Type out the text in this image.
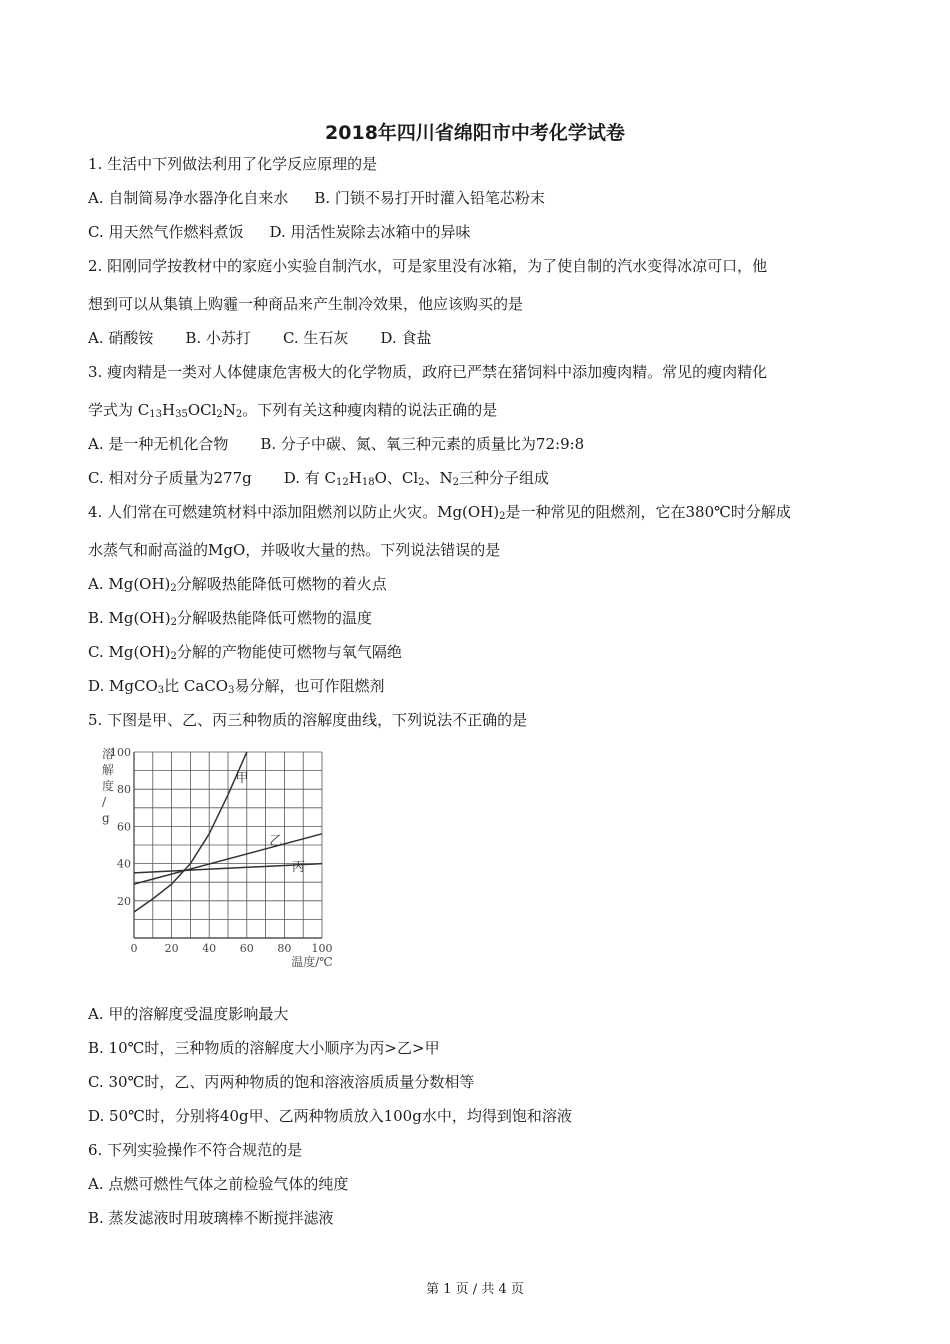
2018年四川省绵阳市中考化学试卷
1. 生活中下列做法利用了化学反应原理的是
A. 自制简易净水器净化自来水 B. 门锁不易打开时灌入铅笔芯粉末
C. 用天然气作燃料煮饭 D. 用活性炭除去冰箱中的异味
2. 阳刚同学按教材中的家庭小实验自制汽水，可是家里没有冰箱，为了使自制的汽水变得冰凉可口，他
想到可以从集镇上购霾一种商品来产生制冷效果，他应该购买的是
A. 硝酸铵 B. 小苏打 C. 生石灰 D. 食盐
3. 瘦肉精是一类对人体健康危害极大的化学物质，政府已严禁在猪饲料中添加瘦肉精。常见的瘦肉精化
学式为 $C_{13}H_{35}OCl_2N_2$。下列有关这种瘦肉精的说法正确的是
A. 是一种无机化合物 B. 分子中碳、氮、氧三种元素的质量比为72:9:8
C. 相对分子质量为277g D. 有 $C_{12}H_{18}O$、$Cl_2$、$N_2$三种分子组成
4. 人们常在可燃建筑材料中添加阻燃剂以防止火灾。$Mg(OH)_2$是一种常见的阻燃剂，它在380℃时分解成
水蒸气和耐高溢的MgO，并吸收大量的热。下列说法错误的是
A. $Mg(OH)_2$分解吸热能降低可燃物的着火点
B. $Mg(OH)_2$分解吸热能降低可燃物的温度
C. $Mg(OH)_2$分解的产物能使可燃物与氧气隔绝
D. MgCO$_3$比 CaCO$_3$易分解，也可作阻燃剂
5. 下图是甲、乙、丙三种物质的溶解度曲线，下列说法不正确的是
0 20 40 60 80 100
20
40
60
80
100
溶
解
度
/
g
温度/℃
甲
乙
丙
A. 甲的溶解度受温度影响最大
B. 10℃时，三种物质的溶解度大小顺序为丙>乙>甲
C. 30℃时，乙、丙两种物质的饱和溶液溶质质量分数相等
D. 50℃时，分别将40g甲、乙两种物质放入100g水中，均得到饱和溶液
6. 下列实验操作不符合规范的是
A. 点燃可燃性气体之前检验气体的纯度
B. 蒸发滤液时用玻璃棒不断搅拌滤液
第 1 页 / 共 4 页
